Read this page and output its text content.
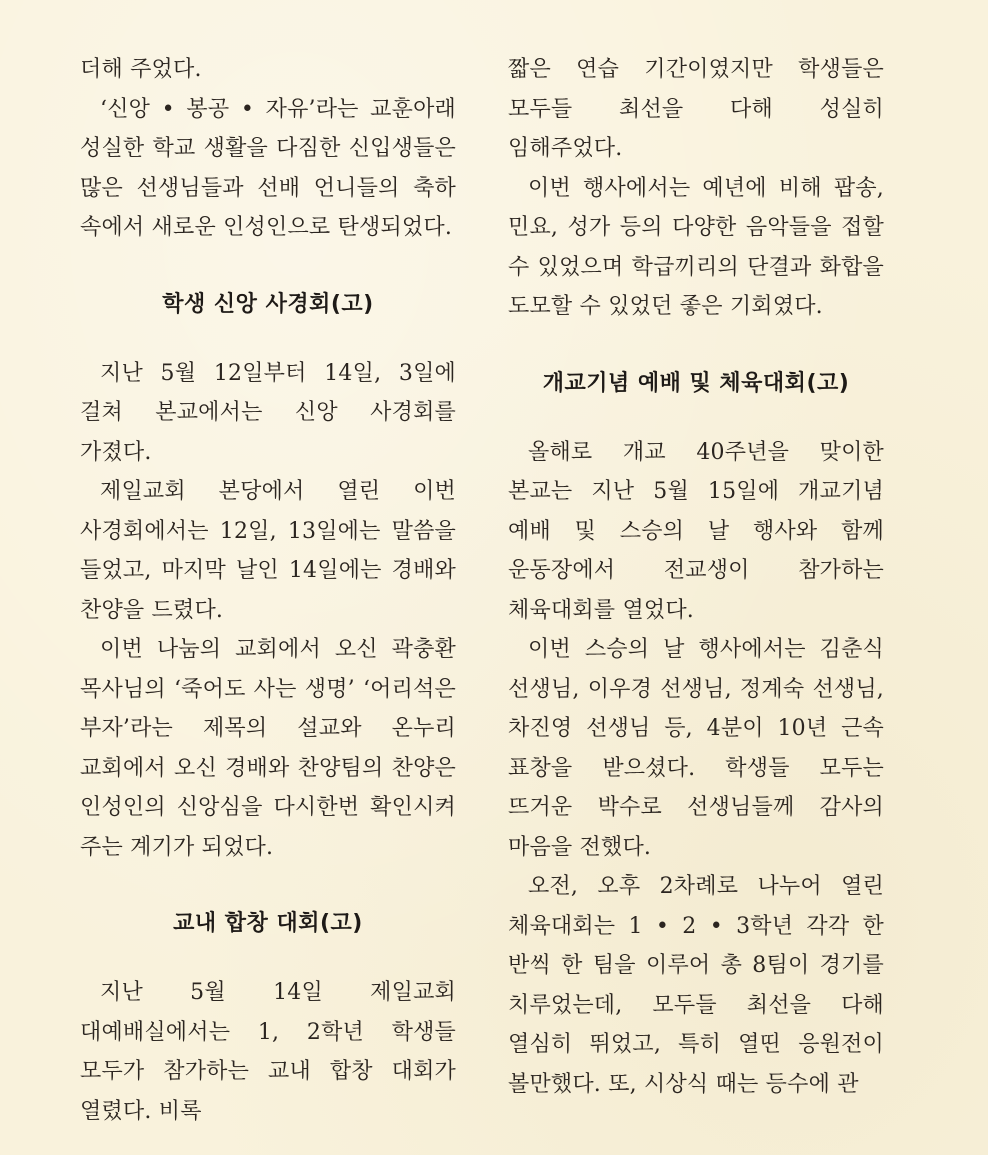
더해 주었다.

‘신앙 • 봉공 • 자유’라는 교훈아래 성실한 학교 생활을 다짐한 신입생들은 많은 선생님들과 선배 언니들의 축하 속에서 새로운 인성인으로 탄생되었다.

학생 신앙 사경회(고)

지난 5월 12일부터 14일, 3일에 걸쳐 본교에서는 신앙 사경회를 가졌다.

제일교회 본당에서 열린 이번 사경회에서는 12일, 13일에는 말씀을 들었고, 마지막 날인 14일에는 경배와 찬양을 드렸다.

이번 나눔의 교회에서 오신 곽충환 목사님의 ‘죽어도 사는 생명’ ‘어리석은 부자’라는 제목의 설교와 온누리 교회에서 오신 경배와 찬양팀의 찬양은 인성인의 신앙심을 다시한번 확인시켜 주는 계기가 되었다.

교내 합창 대회(고)

지난 5월 14일 제일교회 대예배실에서는 1, 2학년 학생들 모두가 참가하는 교내 합창 대회가 열렸다. 비록

짧은 연습 기간이였지만 학생들은 모두들 최선을 다해 성실히 임해주었다.

이번 행사에서는 예년에 비해 팝송, 민요, 성가 등의 다양한 음악들을 접할 수 있었으며 학급끼리의 단결과 화합을 도모할 수 있었던 좋은 기회였다.

개교기념 예배 및 체육대회(고)

올해로 개교 40주년을 맞이한 본교는 지난 5월 15일에 개교기념 예배 및 스승의 날 행사와 함께 운동장에서 전교생이 참가하는 체육대회를 열었다.

이번 스승의 날 행사에서는 김춘식 선생님, 이우경 선생님, 정계숙 선생님, 차진영 선생님 등, 4분이 10년 근속 표창을 받으셨다. 학생들 모두는 뜨거운 박수로 선생님들께 감사의 마음을 전했다.

오전, 오후 2차례로 나누어 열린 체육대회는 1 • 2 • 3학년 각각 한 반씩 한 팀을 이루어 총 8팀이 경기를 치루었는데, 모두들 최선을 다해 열심히 뛰었고, 특히 열띤 응원전이 볼만했다. 또, 시상식 때는 등수에 관
